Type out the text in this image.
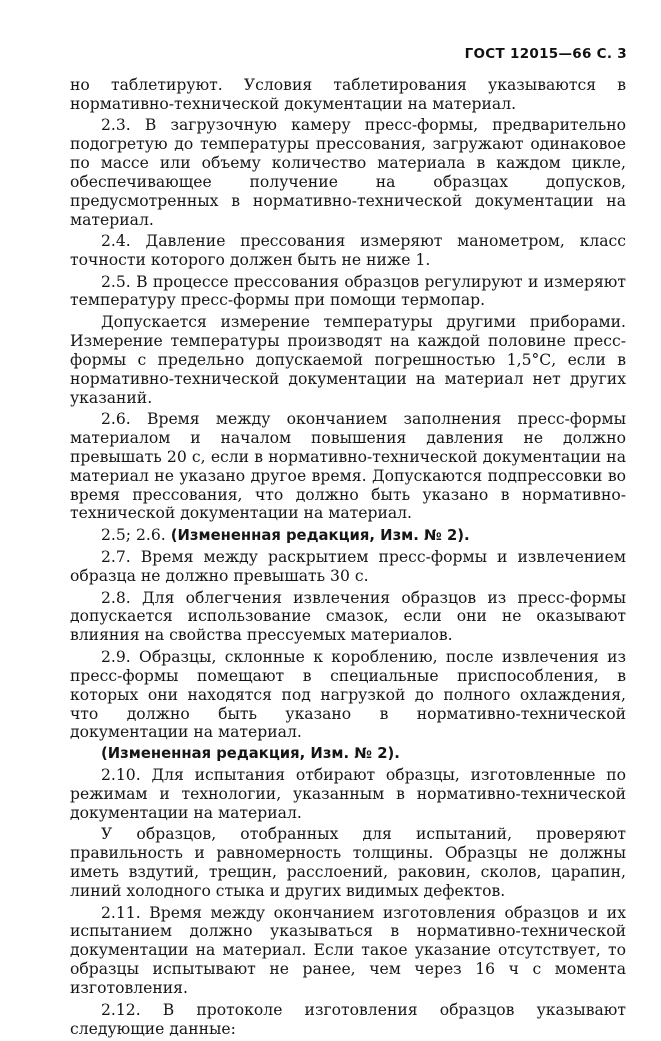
ГОСТ 12015—66 С. 3

но таблетируют. Условия таблетирования указываются в нормативно-технической документации на материал.

2.3. В загрузочную камеру пресс-формы, предварительно подогретую до температуры прессования, загружают одинаковое по массе или объему количество материала в каждом цикле, обеспечивающее получение на образцах допусков, предусмотренных в нормативно-технической документации на материал.

2.4. Давление прессования измеряют манометром, класс точности которого должен быть не ниже 1.

2.5. В процессе прессования образцов регулируют и измеряют температуру пресс-формы при помощи термопар.

Допускается измерение температуры другими приборами. Измерение температуры производят на каждой половине пресс-формы с предельно допускаемой погрешностью 1,5°С, если в нормативно-технической документации на материал нет других указаний.

2.6. Время между окончанием заполнения пресс-формы материалом и началом повышения давления не должно превышать 20 с, если в нормативно-технической документации на материал не указано другое время. Допускаются подпрессовки во время прессования, что должно быть указано в нормативно-технической документации на материал.

2.5; 2.6. (Измененная редакция, Изм. № 2).

2.7. Время между раскрытием пресс-формы и извлечением образца не должно превышать 30 с.

2.8. Для облегчения извлечения образцов из пресс-формы допускается использование смазок, если они не оказывают влияния на свойства прессуемых материалов.

2.9. Образцы, склонные к короблению, после извлечения из пресс-формы помещают в специальные приспособления, в которых они находятся под нагрузкой до полного охлаждения, что должно быть указано в нормативно-технической документации на материал.

(Измененная редакция, Изм. № 2).

2.10. Для испытания отбирают образцы, изготовленные по режимам и технологии, указанным в нормативно-технической документации на материал.

У образцов, отобранных для испытаний, проверяют правильность и равномерность толщины. Образцы не должны иметь вздутий, трещин, расслоений, раковин, сколов, царапин, линий холодного стыка и других видимых дефектов.

2.11. Время между окончанием изготовления образцов и их испытанием должно указываться в нормативно-технической документации на материал. Если такое указание отсутствует, то образцы испытывают не ранее, чем через 16 ч с момента изготовления.

2.12. В протоколе изготовления образцов указывают следующие данные:
